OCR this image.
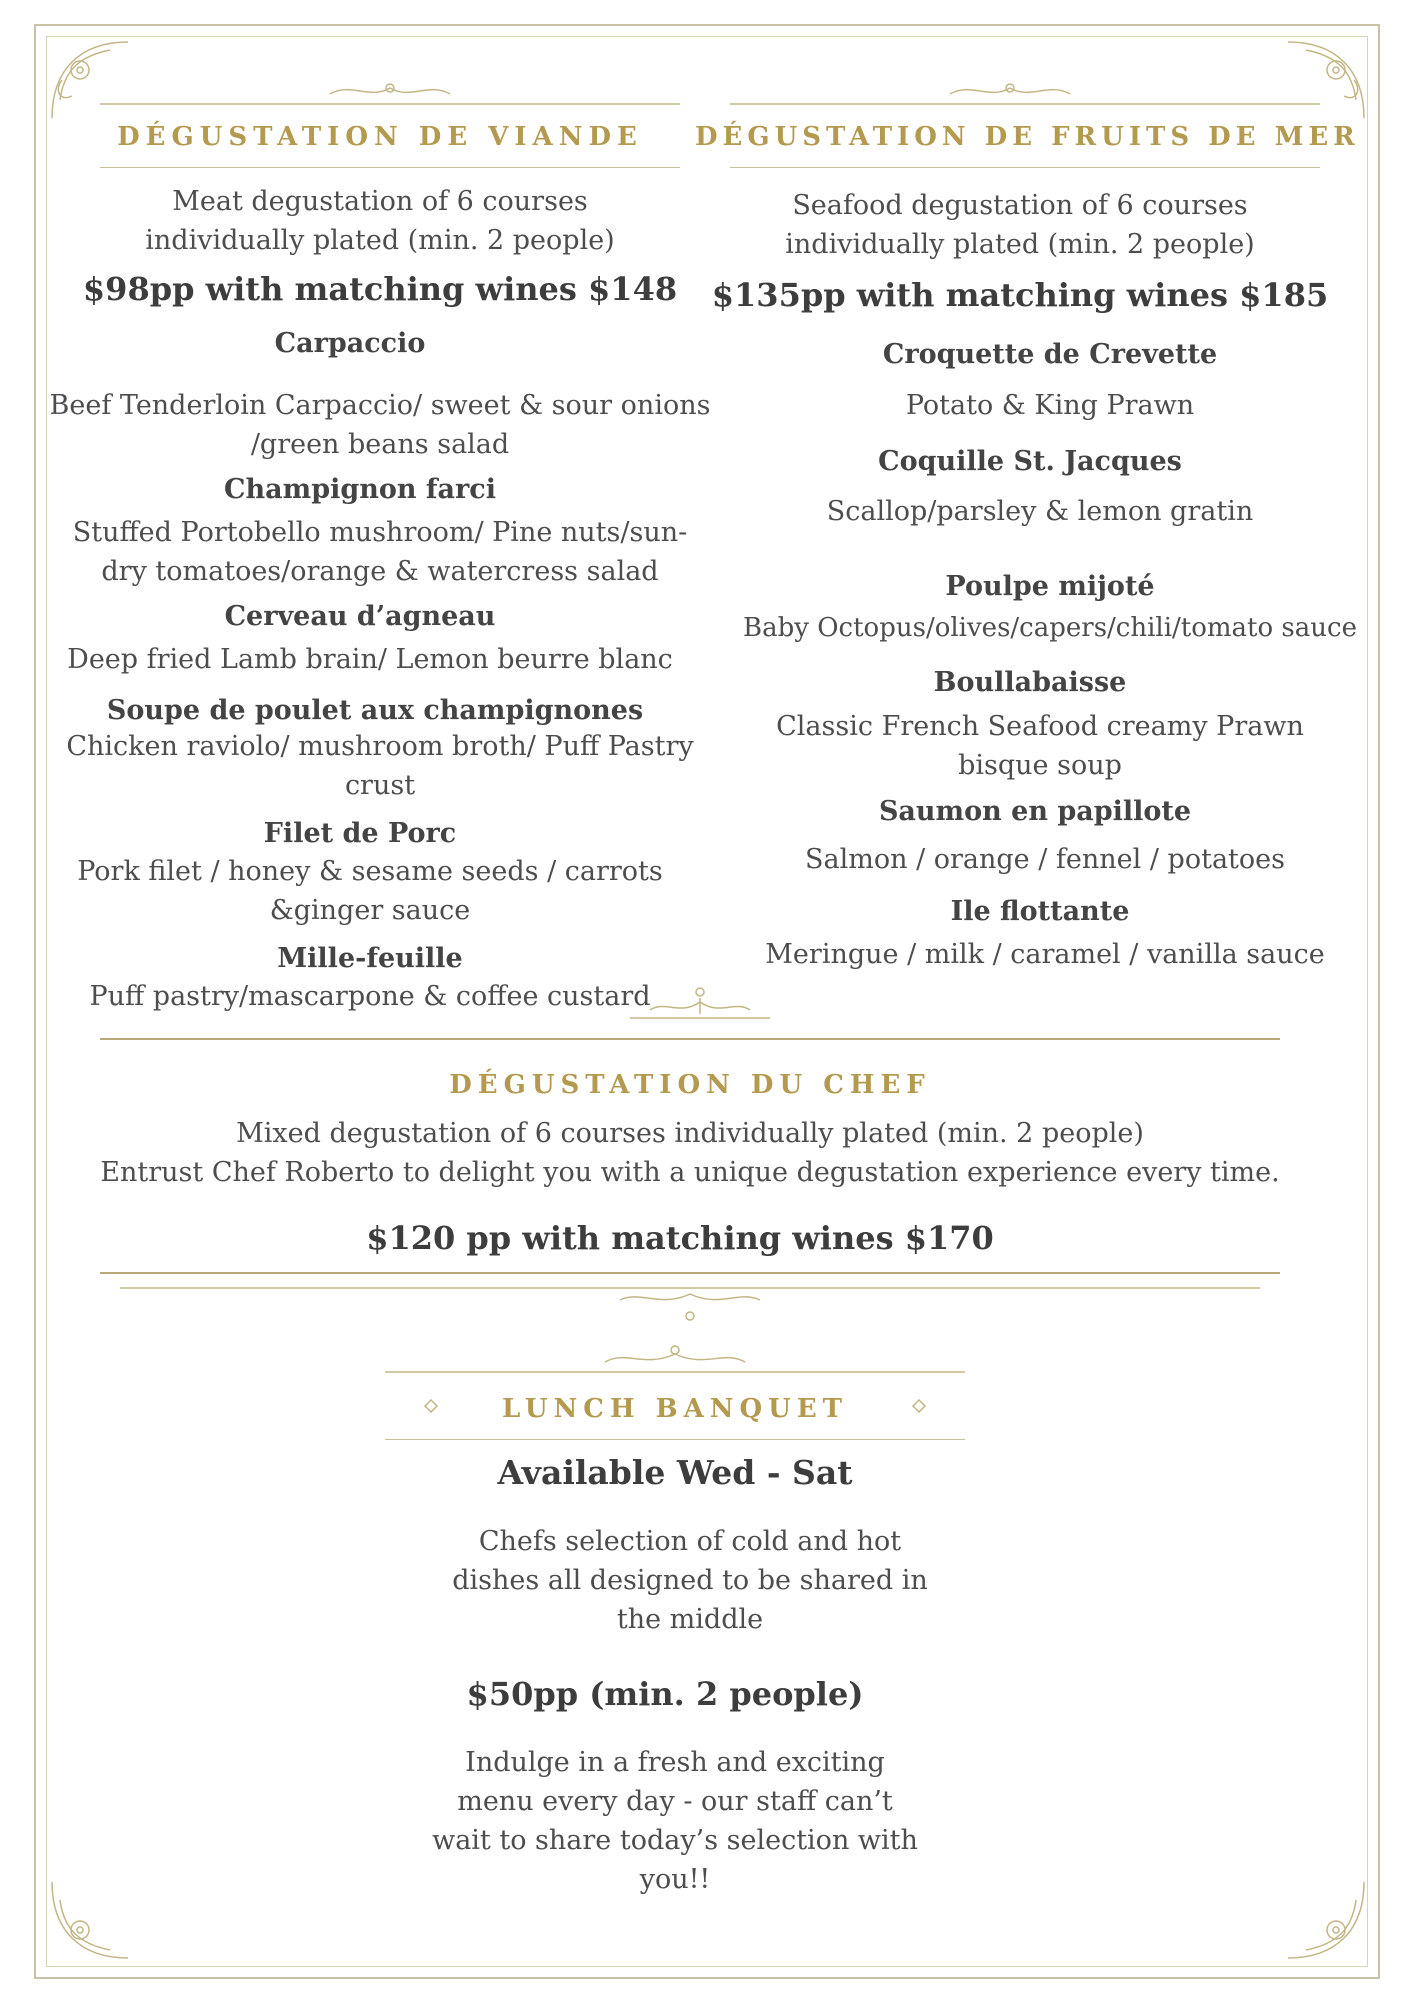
DÉGUSTATION DE VIANDE
Meat degustation of 6 courses
individually plated (min. 2 people)
$98pp with matching wines $148
Carpaccio
Beef Tenderloin Carpaccio/ sweet & sour onions
/green beans salad
Champignon farci
Stuffed Portobello mushroom/ Pine nuts/sun-
dry tomatoes/orange & watercress salad
Cerveau d’agneau
Deep fried Lamb brain/ Lemon beurre blanc
Soupe de poulet aux champignones
Chicken raviolo/ mushroom broth/ Puff Pastry
crust
Filet de Porc
Pork filet / honey & sesame seeds / carrots
&ginger sauce
Mille-feuille
Puff pastry/mascarpone & coffee custard
DÉGUSTATION DE FRUITS DE MER
Seafood degustation of 6 courses
individually plated (min. 2 people)
$135pp with matching wines $185
Croquette de Crevette
Potato & King Prawn
Coquille St. Jacques
Scallop/parsley & lemon gratin
Poulpe mijoté
Baby Octopus/olives/capers/chili/tomato sauce
Boullabaisse
Classic French Seafood creamy Prawn
bisque soup
Saumon en papillote
Salmon / orange / fennel / potatoes
Ile flottante
Meringue / milk / caramel / vanilla sauce
DÉGUSTATION DU CHEF
Mixed degustation of 6 courses individually plated (min. 2 people)
Entrust Chef Roberto to delight you with a unique degustation experience every time.
$120 pp with matching wines $170
LUNCH BANQUET
Available Wed - Sat
Chefs selection of cold and hot
dishes all designed to be shared in
the middle
$50pp (min. 2 people)
Indulge in a fresh and exciting
menu every day - our staff can’t
wait to share today’s selection with
you!!
